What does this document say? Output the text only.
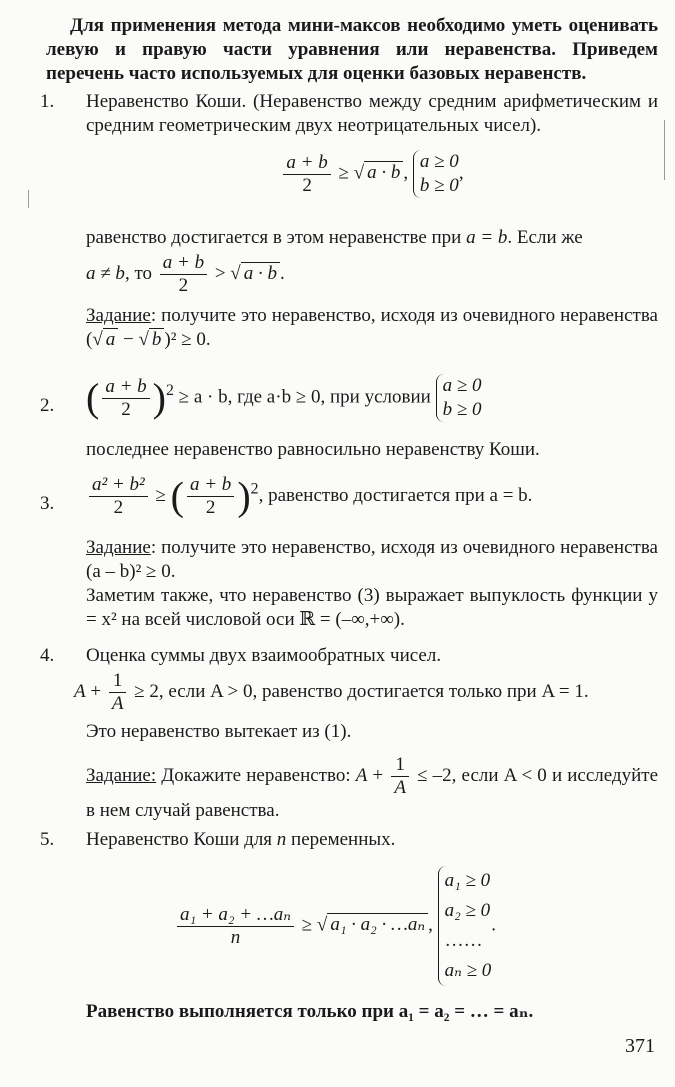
Для применения метода мини-максов необходимо уметь оценивать левую и правую части уравнения или неравенства. Приведем перечень часто используемых для оценки базовых неравенств.
1. Неравенство Коши. (Неравенство между средним арифметическим и средним геометрическим двух неотрицательных чисел).
$\frac{a + b}{2}$ ≥ √ a · b , a ≥ 0
b ≥ 0,
равенство достигается в этом неравенстве при a = b. Если же
a ≠ b, то $\frac{a + b}{2}$ > √ a · b .
Задание: получите это неравенство, исходя из очевидного неравенства (√ a − √ b )² ≥ 0.
2. ( $\frac{a + b}{2} )^2 \ge a \cdot b$, где a·b ≥ 0, при условии a ≥ 0
b ≥ 0
последнее неравенство равносильно неравенству Коши.
3. $\frac{\text{a² + b²}}{2}$ ≥ ( $\frac{a + b}{2} )^2$, равенство достигается при a = b.
Задание: получите это неравенство, исходя из очевидного неравенства (a – b)² ≥ 0.
Заметим также, что неравенство (3) выражает выпуклость функции y = x² на всей числовой оси ℝ = (–∞,+∞).
4. Оценка суммы двух взаимообратных чисел.
$A + \frac{1}{A} \ge 2$, если A > 0, равенство достигается только при A = 1.
Это неравенство вытекает из (1).
Задание: Докажите неравенство: $A + \frac{1}{A} \le -2$, если A < 0 и исследуйте в нем случай равенства.
5. Неравенство Коши для n переменных.
$\frac{\text{a₁ + a₂ + …aₙ}}{n}$ ≥ √ a₁ · a₂ · …aₙ , a₁ ≥ 0
a₂ ≥ 0
……
aₙ ≥ 0.
Равенство выполняется только при a₁ = a₂ = … = aₙ.
371
